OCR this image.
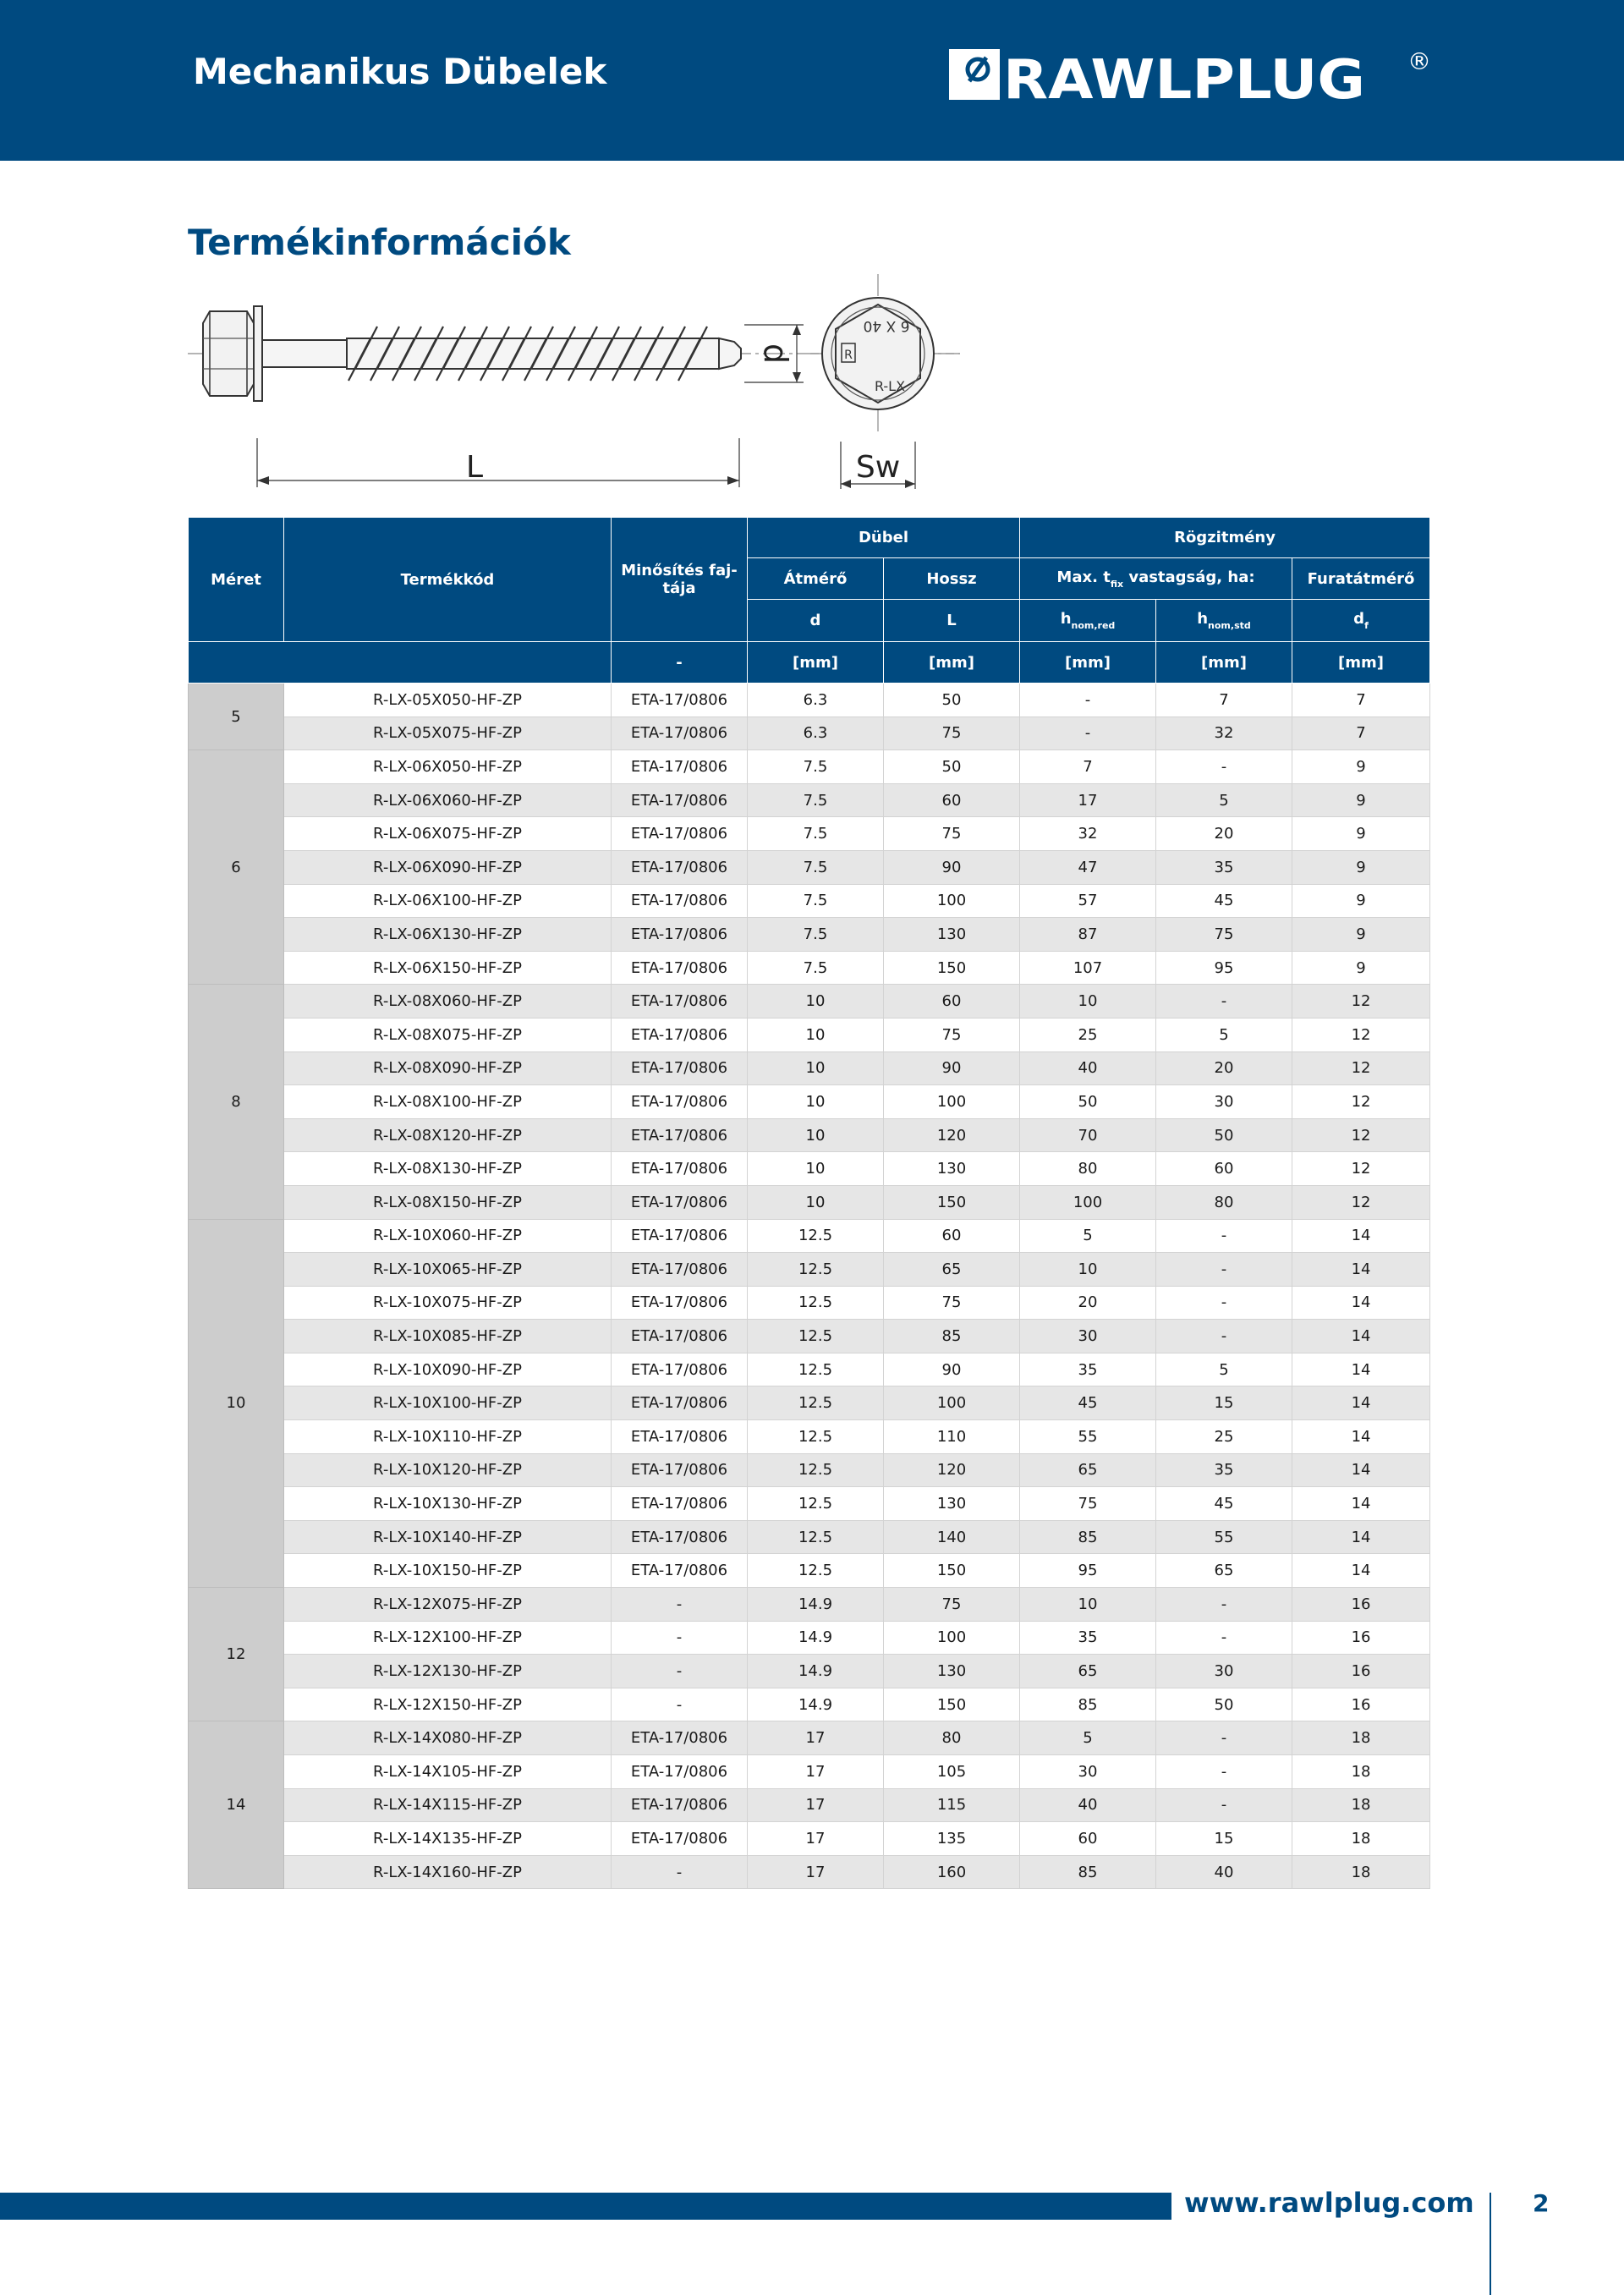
Mechanikus Dübelek	RAWLPLUG ®
Termékinformációk
d
L
6 X 40
R-LX
R
Sw
Méret	Termékkód	Minősítés faj-tája	Dübel		Rögzitmény		
			Átmérő	Hossz	Max. $t_{fix}$ vastagság, ha:		Furatátmérő
			d	L	$h_{nom,red}$	$h_{nom,std}$	$d_f$
		-	[mm]	[mm]	[mm]	[mm]	[mm]
5	R-LX-05X050-HF-ZP	ETA-17/0806	6.3	50	-	7	7
	R-LX-05X075-HF-ZP	ETA-17/0806	6.3	75	-	32	7
6	R-LX-06X050-HF-ZP	ETA-17/0806	7.5	50	7	-	9
	R-LX-06X060-HF-ZP	ETA-17/0806	7.5	60	17	5	9
	R-LX-06X075-HF-ZP	ETA-17/0806	7.5	75	32	20	9
	R-LX-06X090-HF-ZP	ETA-17/0806	7.5	90	47	35	9
	R-LX-06X100-HF-ZP	ETA-17/0806	7.5	100	57	45	9
	R-LX-06X130-HF-ZP	ETA-17/0806	7.5	130	87	75	9
	R-LX-06X150-HF-ZP	ETA-17/0806	7.5	150	107	95	9
8	R-LX-08X060-HF-ZP	ETA-17/0806	10	60	10	-	12
	R-LX-08X075-HF-ZP	ETA-17/0806	10	75	25	5	12
	R-LX-08X090-HF-ZP	ETA-17/0806	10	90	40	20	12
	R-LX-08X100-HF-ZP	ETA-17/0806	10	100	50	30	12
	R-LX-08X120-HF-ZP	ETA-17/0806	10	120	70	50	12
	R-LX-08X130-HF-ZP	ETA-17/0806	10	130	80	60	12
	R-LX-08X150-HF-ZP	ETA-17/0806	10	150	100	80	12
10	R-LX-10X060-HF-ZP	ETA-17/0806	12.5	60	5	-	14
	R-LX-10X065-HF-ZP	ETA-17/0806	12.5	65	10	-	14
	R-LX-10X075-HF-ZP	ETA-17/0806	12.5	75	20	-	14
	R-LX-10X085-HF-ZP	ETA-17/0806	12.5	85	30	-	14
	R-LX-10X090-HF-ZP	ETA-17/0806	12.5	90	35	5	14
	R-LX-10X100-HF-ZP	ETA-17/0806	12.5	100	45	15	14
	R-LX-10X110-HF-ZP	ETA-17/0806	12.5	110	55	25	14
	R-LX-10X120-HF-ZP	ETA-17/0806	12.5	120	65	35	14
	R-LX-10X130-HF-ZP	ETA-17/0806	12.5	130	75	45	14
	R-LX-10X140-HF-ZP	ETA-17/0806	12.5	140	85	55	14
	R-LX-10X150-HF-ZP	ETA-17/0806	12.5	150	95	65	14
12	R-LX-12X075-HF-ZP	-	14.9	75	10	-	16
	R-LX-12X100-HF-ZP	-	14.9	100	35	-	16
	R-LX-12X130-HF-ZP	-	14.9	130	65	30	16
	R-LX-12X150-HF-ZP	-	14.9	150	85	50	16
14	R-LX-14X080-HF-ZP	ETA-17/0806	17	80	5	-	18
	R-LX-14X105-HF-ZP	ETA-17/0806	17	105	30	-	18
	R-LX-14X115-HF-ZP	ETA-17/0806	17	115	40	-	18
	R-LX-14X135-HF-ZP	ETA-17/0806	17	135	60	15	18
	R-LX-14X160-HF-ZP	-	17	160	85	40	18
www.rawlplug.com 2
